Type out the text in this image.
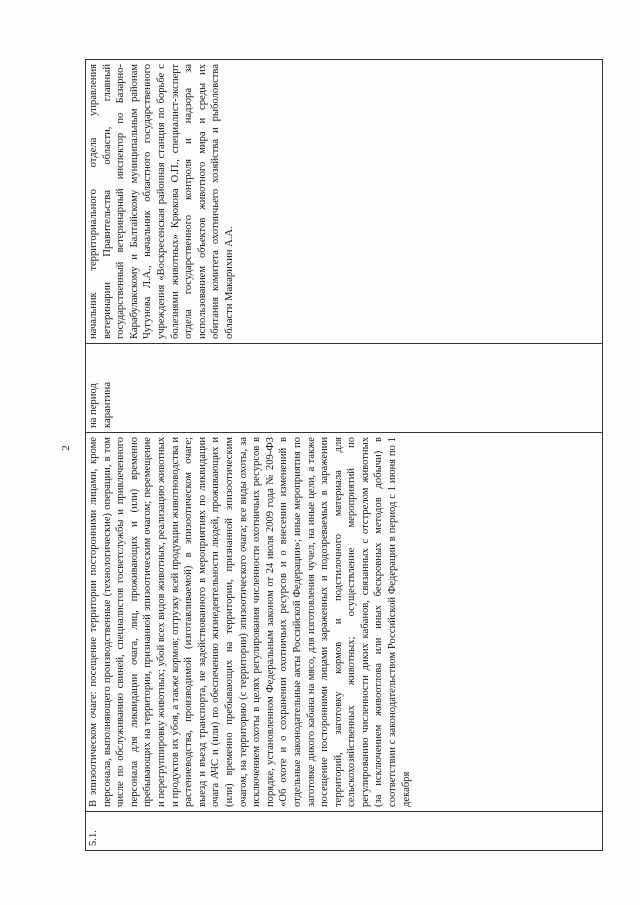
2
5.1.	

В эпизоотическом очаге: посещение территории посторонними лицами, кроме персонала, выполняющего производственные (технологические) операции, в том числе по обслуживанию свиней, специалистов госветслужбы и привлеченного персонала для ликвидации очага, лиц, проживающих и (или) временно пребывающих на территории, признанной эпизоотическим очагом; перемещение и перегруппировку животных; убой всех видов животных, реализацию животных и продуктов их убоя, а также кормов; отгрузку всей продукции животноводства и растениеводства, производимой (изготавливаемой) в эпизоотическом очаге; выезд и въезд транспорта, не задействованного в мероприятиях по ликвидации очага АЧС и (или) по обеспечению жизнедеятельности людей, проживающих и (или) временно пребывающих на территории, признанной эпизоотическим очагом, на территорию (с территории) эпизоотического очага; все виды охоты, за исключением охоты в целях регулирования численности охотничьих ресурсов в порядке, установленном Федеральным законом от 24 июля 2009 года № 209-ФЗ «Об охоте и о сохранении охотничьих ресурсов и о внесении изменений в отдельные законодательные акты Российской Федерации»; иные мероприятия по заготовке дикого кабана на мясо, для изготовления чучел, на иные цели, а также посещение посторонними лицами зараженных и подозреваемых в заражении территорий, заготовку кормов и подстилочного материала для сельскохозяйственных животных; осуществление мероприятий по регулированию численности диких кабанов, связанных с отстрелом животных (за исключением живоотлова или иных бескровных методов добычи) в соответствии с законодательством Российской Федерации в период с 1 июня по 1 декабря

на период карантина

начальник территориального отдела управления ветеринарии Правительства области, главный государственный ветеринарный инспектор по Базарно-Карабулакскому и Балтайскому муниципальным районам Чугунова Л.А., начальник областного государственного учреждения «Воскресенская районная станция по борьбе с болезнями животных» Крюкова О.П., специалист-эксперт отдела государственного контроля и надзора за использованием объектов животного мира и среды их обитания комитета охотничьего хозяйства и рыболовства области Макарихин А.А.
